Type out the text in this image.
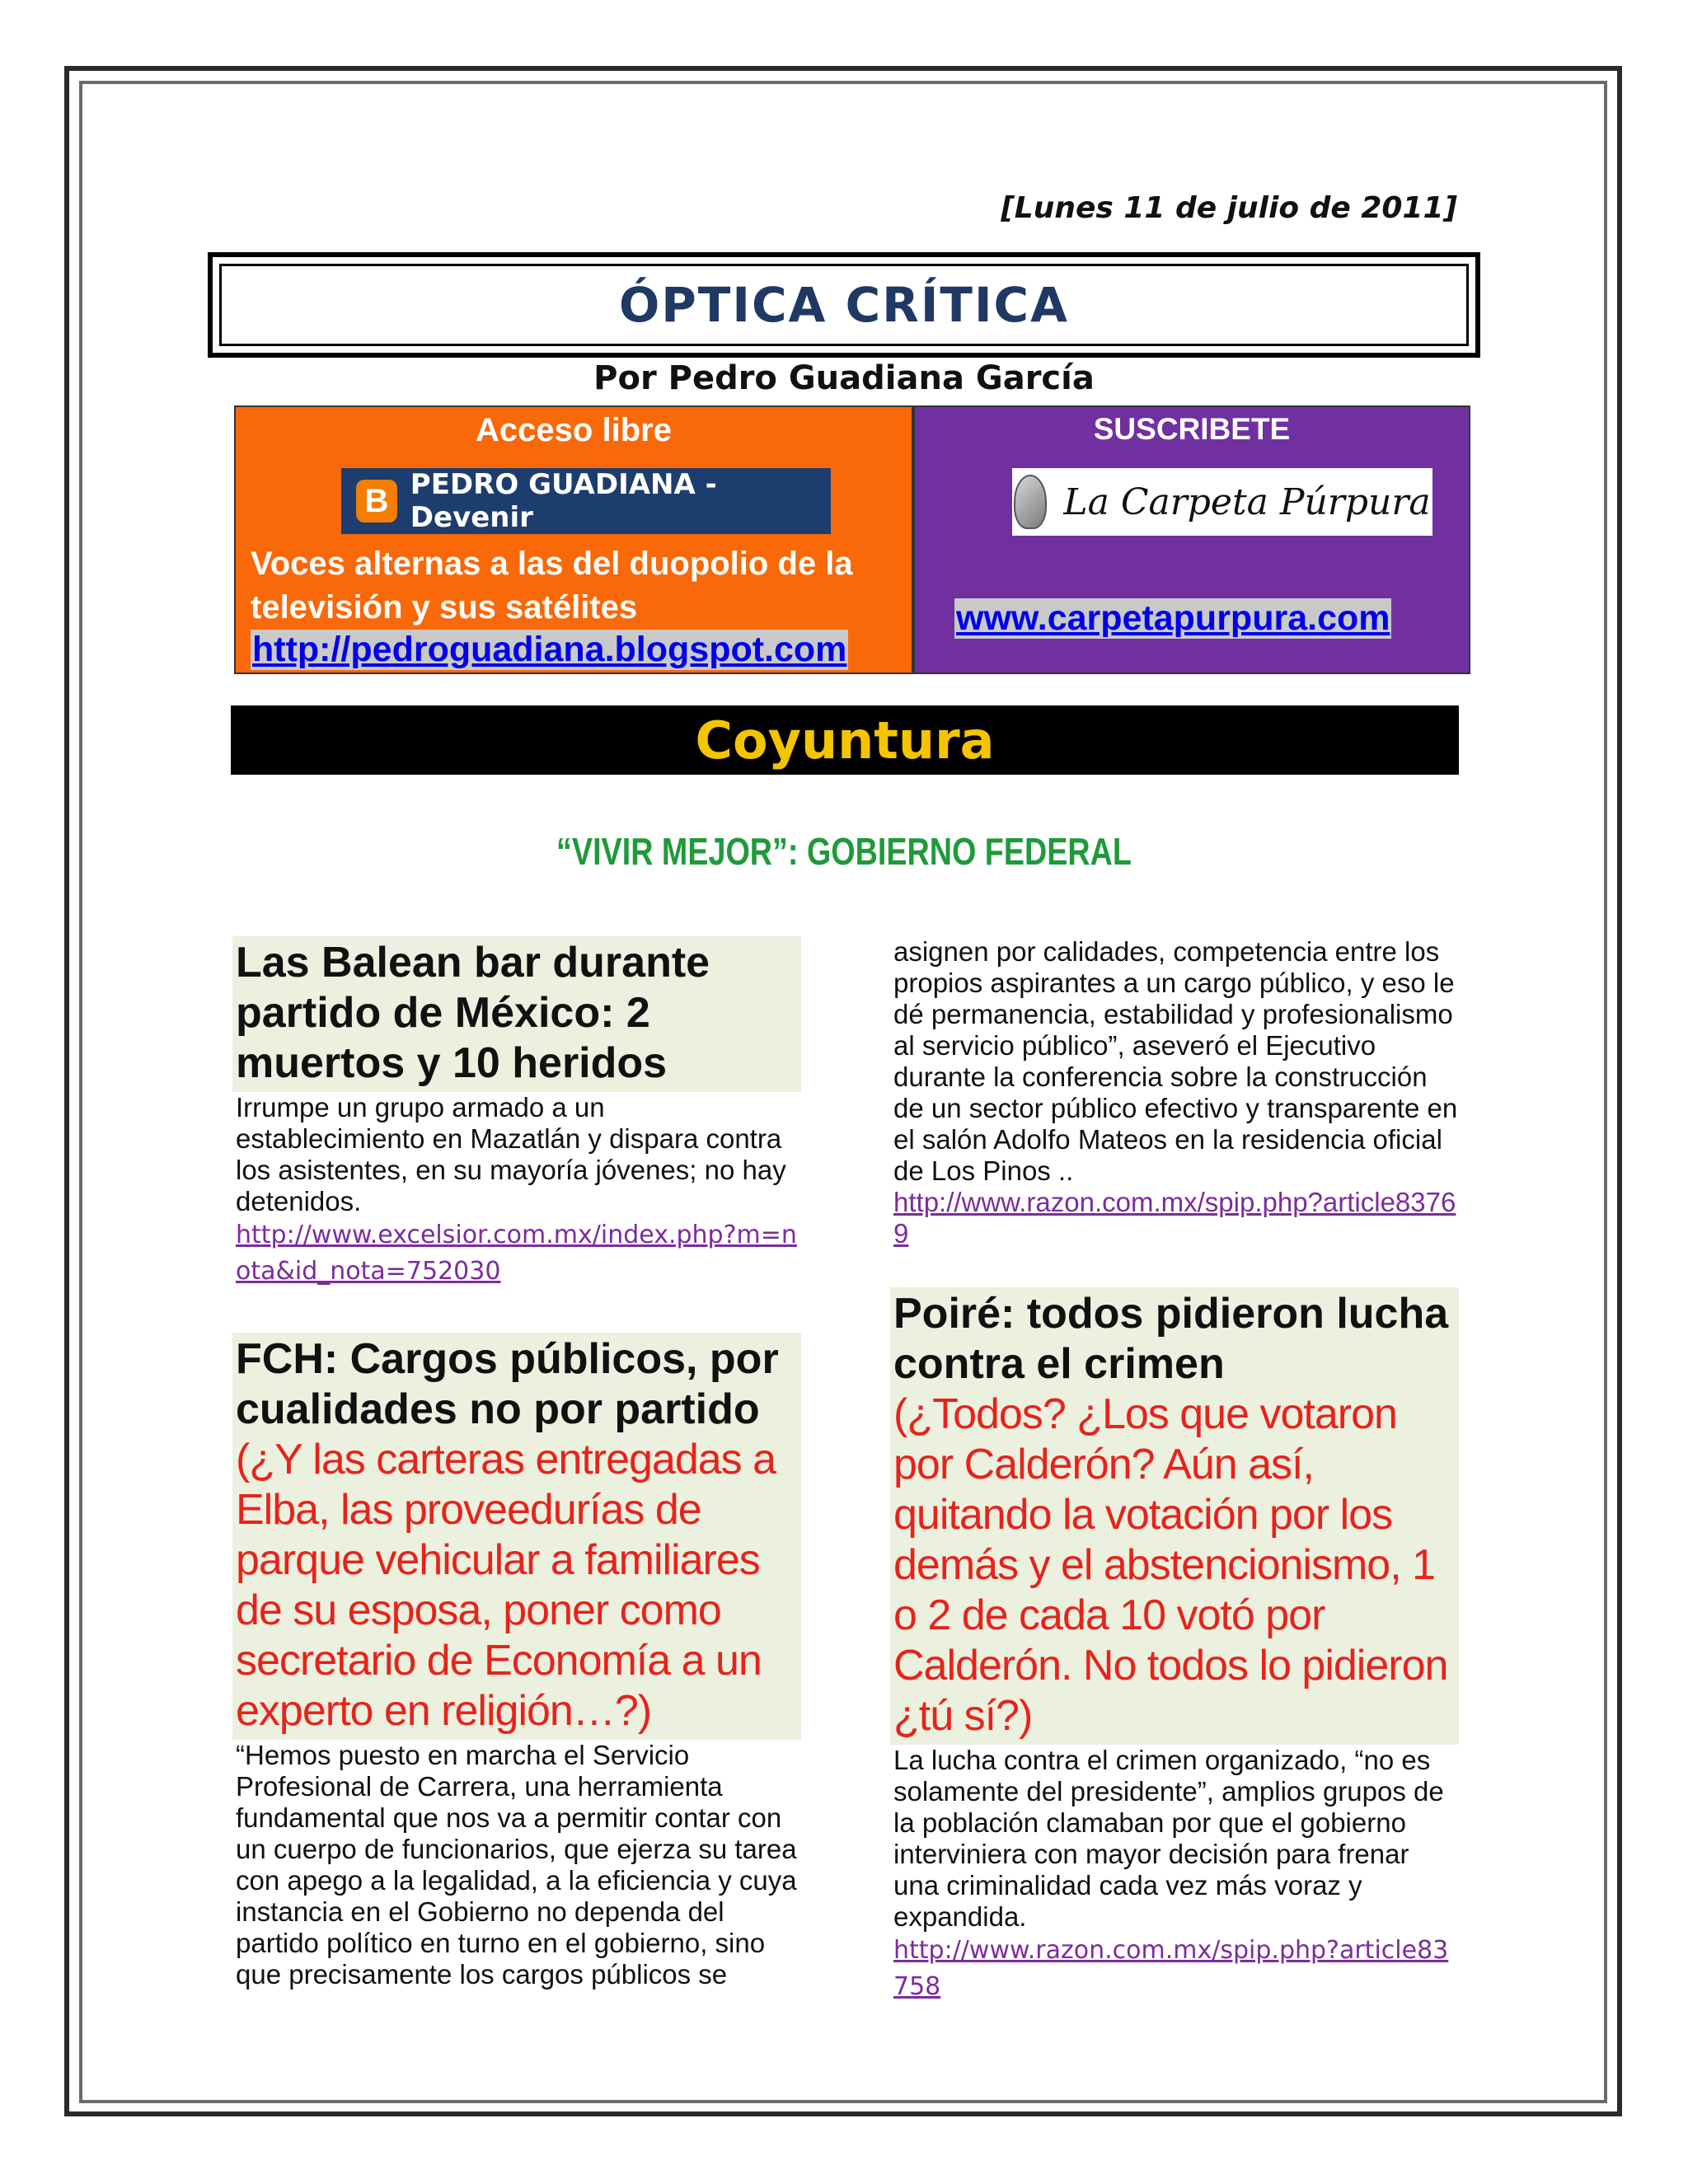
[Lunes 11 de julio de 2011]
ÓPTICA CRÍTICA
Por Pedro Guadiana García
Acceso libre
B PEDRO GUADIANA - Devenir
Voces alternas a las del duopolio de la televisión y sus satélites
http://pedroguadiana.blogspot.com
SUSCRIBETE
La Carpeta Púrpura
www.carpetapurpura.com
Coyuntura
“VIVIR MEJOR”: GOBIERNO FEDERAL
Las Balean bar durante partido de México: 2 muertos y 10 heridos
Irrumpe un grupo armado a un establecimiento en Mazatlán y dispara contra los asistentes, en su mayoría jóvenes; no hay detenidos.
http://www.excelsior.com.mx/index.php?m=nota&id_nota=752030
FCH: Cargos públicos, por cualidades no por partido
(¿Y las carteras entregadas a Elba, las proveedurías de parque vehicular a familiares de su esposa, poner como secretario de Economía a un experto en religión…?)
“Hemos puesto en marcha el Servicio Profesional de Carrera, una herramienta fundamental que nos va a permitir contar con un cuerpo de funcionarios, que ejerza su tarea con apego a la legalidad, a la eficiencia y cuya instancia en el Gobierno no dependa del partido político en turno en el gobierno, sino que precisamente los cargos públicos se
asignen por calidades, competencia entre los propios aspirantes a un cargo público, y eso le dé permanencia, estabilidad y profesionalismo al servicio público”, aseveró el Ejecutivo durante la conferencia sobre la construcción de un sector público efectivo y transparente en el salón Adolfo Mateos en la residencia oficial de Los Pinos ..
http://www.razon.com.mx/spip.php?article83769
Poiré: todos pidieron lucha contra el crimen
(¿Todos? ¿Los que votaron por Calderón? Aún así, quitando la votación por los demás y el abstencionismo, 1 o 2 de cada 10 votó por Calderón. No todos lo pidieron ¿tú sí?)
La lucha contra el crimen organizado, “no es solamente del presidente”, amplios grupos de la población clamaban por que el gobierno interviniera con mayor decisión para frenar una criminalidad cada vez más voraz y expandida.
http://www.razon.com.mx/spip.php?article83758
